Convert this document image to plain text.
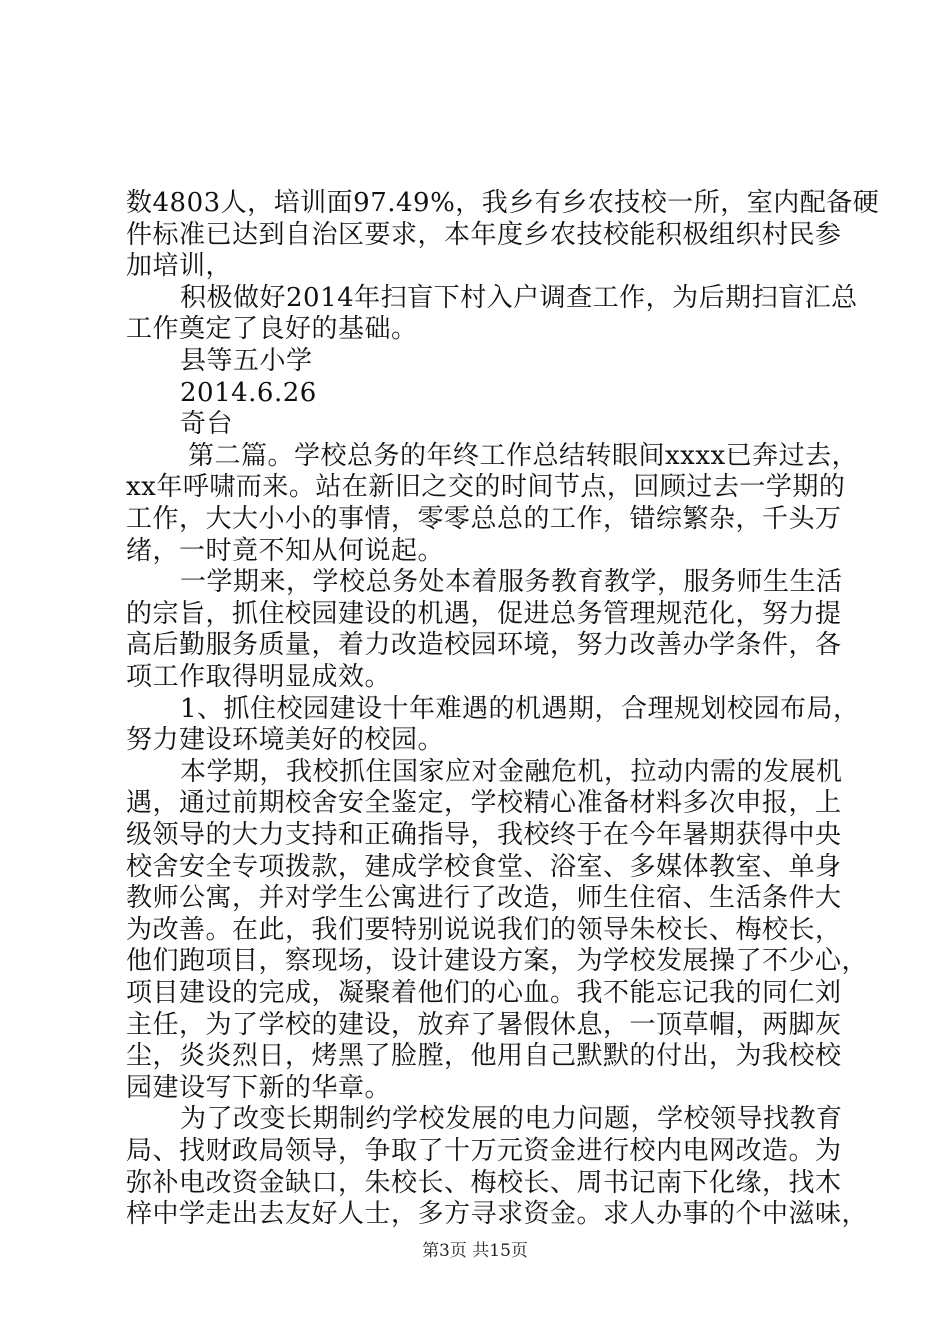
数4803人，培训面97.49%，我乡有乡农技校一所，室内配备硬
件标准已达到自治区要求，本年度乡农技校能积极组织村民参
加培训，
积极做好2014年扫盲下村入户调查工作，为后期扫盲汇总
工作奠定了良好的基础。
县等五小学
2014.6.26
奇台
第二篇。学校总务的年终工作总结转眼间xxxx已奔过去，
xx年呼啸而来。站在新旧之交的时间节点，回顾过去一学期的
工作，大大小小的事情，零零总总的工作，错综繁杂，千头万
绪，一时竟不知从何说起。
一学期来，学校总务处本着服务教育教学，服务师生生活
的宗旨，抓住校园建设的机遇，促进总务管理规范化，努力提
高后勤服务质量，着力改造校园环境，努力改善办学条件，各
项工作取得明显成效。
1、抓住校园建设十年难遇的机遇期，合理规划校园布局，
努力建设环境美好的校园。
本学期，我校抓住国家应对金融危机，拉动内需的发展机
遇，通过前期校舍安全鉴定，学校精心准备材料多次申报，上
级领导的大力支持和正确指导，我校终于在今年暑期获得中央
校舍安全专项拨款，建成学校食堂、浴室、多媒体教室、单身
教师公寓，并对学生公寓进行了改造，师生住宿、生活条件大
为改善。在此，我们要特别说说我们的领导朱校长、梅校长，
他们跑项目，察现场，设计建设方案，为学校发展操了不少心，
项目建设的完成，凝聚着他们的心血。我不能忘记我的同仁刘
主任，为了学校的建设，放弃了暑假休息，一顶草帽，两脚灰
尘，炎炎烈日，烤黑了脸膛，他用自己默默的付出，为我校校
园建设写下新的华章。
为了改变长期制约学校发展的电力问题，学校领导找教育
局、找财政局领导，争取了十万元资金进行校内电网改造。为
弥补电改资金缺口，朱校长、梅校长、周书记南下化缘，找木
梓中学走出去友好人士，多方寻求资金。求人办事的个中滋味，
第3页 共15页
